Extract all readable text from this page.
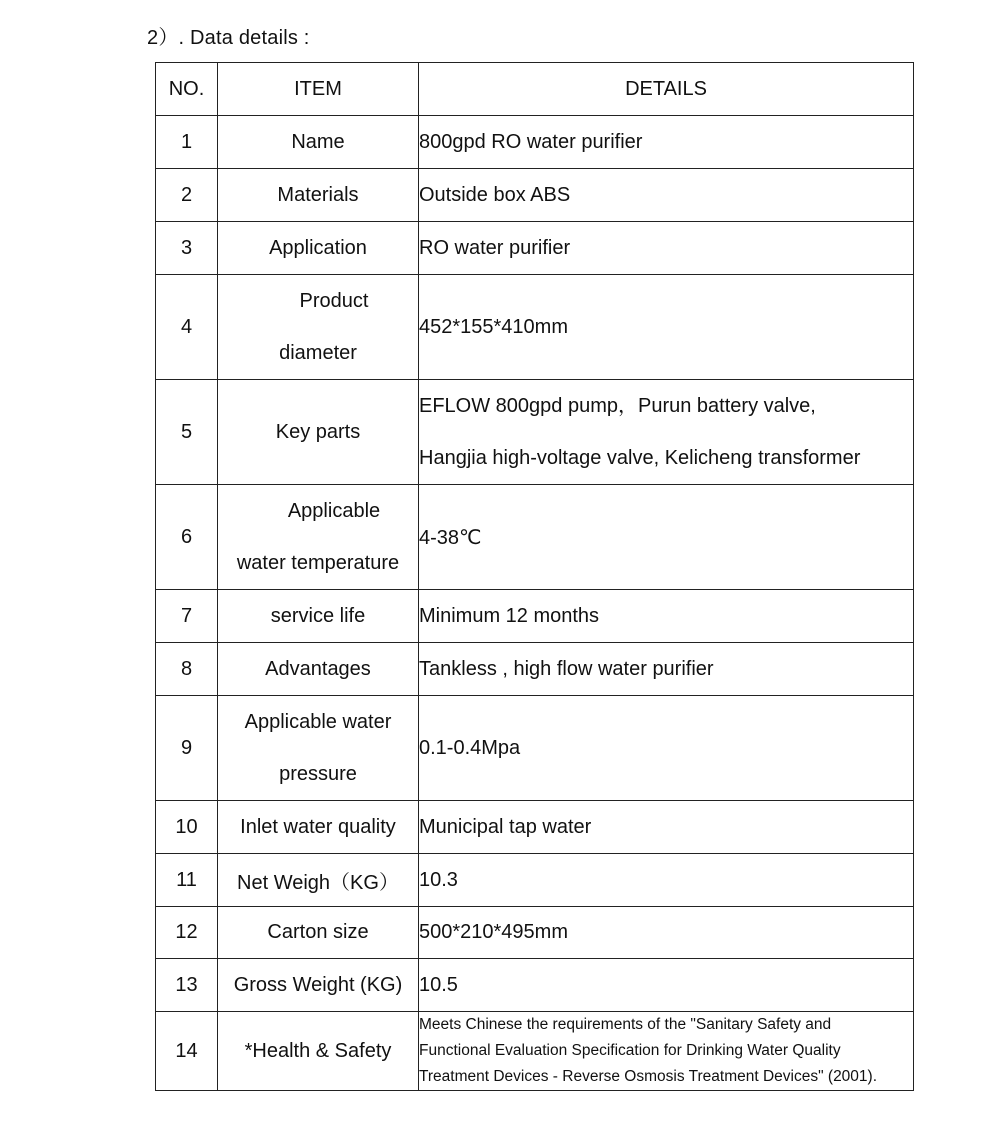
2）. Data details :
NO.	ITEM	DETAILS
1	Name	800gpd RO water purifier
2	Materials	Outside box ABS
3	Application	RO water purifier
4	Product
diameter	452*155*410mm
5	Key parts	EFLOW 800gpd pump，Purun battery valve,
Hangjia high-voltage valve, Kelicheng transformer

6	Applicable
water temperature	4-38℃
7	service life	Minimum 12 months
8	Advantages	Tankless , high flow water purifier
9	Applicable water
pressure	0.1-0.4Mpa
10	Inlet water quality	Municipal tap water
11	Net Weigh（KG）	10.3
12	Carton size	500*210*495mm
13	Gross Weight (KG)	10.5
14	*Health & Safety	Meets Chinese the requirements of the "Sanitary Safety and
Functional Evaluation Specification for Drinking Water Quality
Treatment Devices - Reverse Osmosis Treatment Devices" (2001).
